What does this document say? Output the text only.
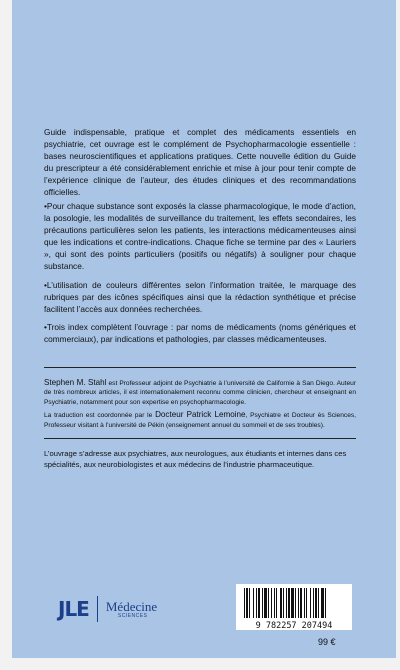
Guide indispensable, pratique et complet des médicaments essentiels en psychiatrie, cet ouvrage est le complément de Psychopharmacologie essentielle : bases neuroscientifiques et applications pratiques. Cette nouvelle édition du Guide du prescripteur a été considérablement enrichie et mise à jour pour tenir compte de l’expérience clinique de l’auteur, des études cliniques et des recommandations officielles.

•Pour chaque substance sont exposés la classe pharmacologique, le mode d’action, la posologie, les modalités de surveillance du traitement, les effets secondaires, les précautions particulières selon les patients, les interactions médicamenteuses ainsi que les indications et contre-indications. Chaque fiche se termine par des « Lauriers », qui sont des points particuliers (positifs ou négatifs) à souligner pour chaque substance.

•L’utilisation de couleurs différentes selon l’information traitée, le marquage des rubriques par des icônes spécifiques ainsi que la rédaction synthétique et précise facilitent l’accès aux données recherchées.

•Trois index complètent l’ouvrage : par noms de médicaments (noms génériques et commerciaux), par indications et pathologies, par classes médicamenteuses.

Stephen M. Stahl est Professeur adjoint de Psychiatrie à l’université de Californie à San Diego. Auteur de très nombreux articles, il est internationalement reconnu comme clinicien, chercheur et enseignant en Psychiatrie, notamment pour son expertise en psychopharmacologie.

La traduction est coordonnée par le Docteur Patrick Lemoine, Psychiatre et Docteur ès Sciences, Professeur visitant à l’université de Pékin (enseignement annuel du sommeil et de ses troubles).

L’ouvrage s’adresse aux psychiatres, aux neurologues, aux étudiants et internes dans ces spécialités, aux neurobiologistes et aux médecins de l’industrie pharmaceutique.
JLE Médecine
SCIENCES
9 782257 207494
99 €
